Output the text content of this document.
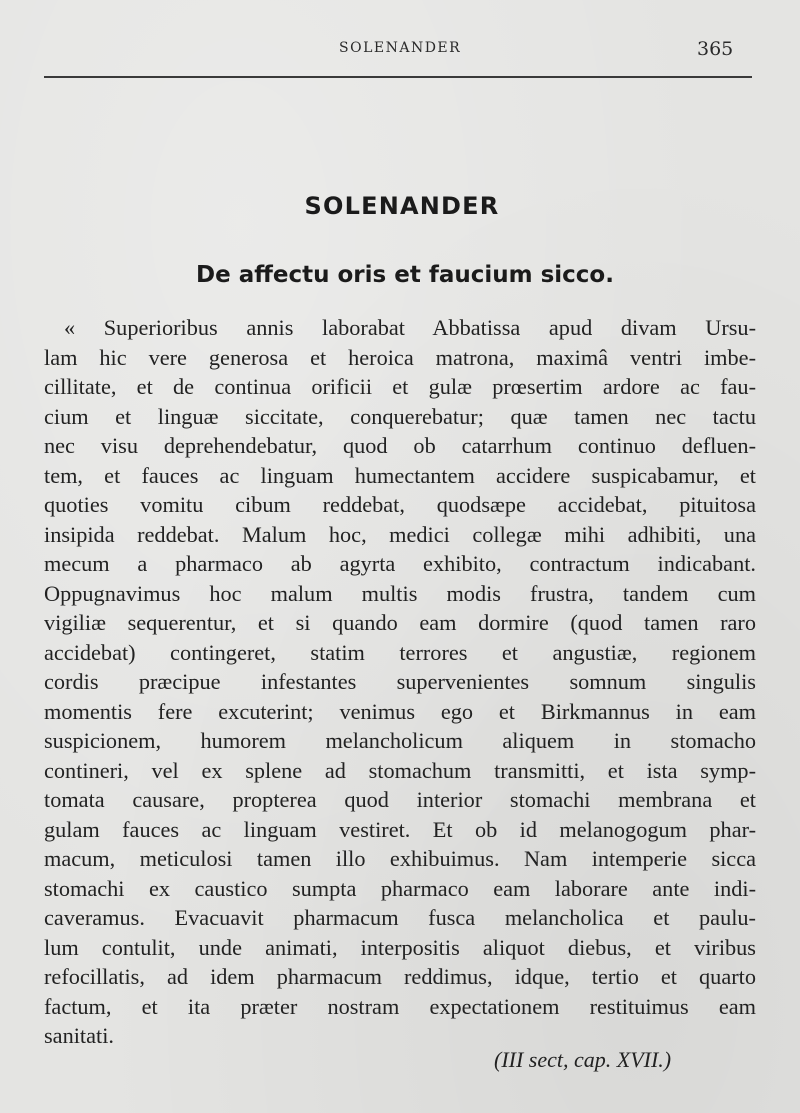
SOLENANDER	365
SOLENANDER
De affectu oris et faucium sicco.
« Superioribus annis laborabat Abbatissa apud divam Ursu-
lam hic vere generosa et heroica matrona, maximâ ventri imbe-
cillitate, et de continua orificii et gulæ prœsertim ardore ac fau-
cium et linguæ siccitate, conquerebatur; quæ tamen nec tactu
nec visu deprehendebatur, quod ob catarrhum continuo defluen-
tem, et fauces ac linguam humectantem accidere suspicabamur, et
quoties vomitu cibum reddebat, quodsæpe accidebat, pituitosa
insipida reddebat. Malum hoc, medici collegæ mihi adhibiti, una
mecum a pharmaco ab agyrta exhibito, contractum indicabant.
Oppugnavimus hoc malum multis modis frustra, tandem cum
vigiliæ sequerentur, et si quando eam dormire (quod tamen raro
accidebat) contingeret, statim terrores et angustiæ, regionem
cordis præcipue infestantes supervenientes somnum singulis
momentis fere excuterint; venimus ego et Birkmannus in eam
suspicionem, humorem melancholicum aliquem in stomacho
contineri, vel ex splene ad stomachum transmitti, et ista symp-
tomata causare, propterea quod interior stomachi membrana et
gulam fauces ac linguam vestiret. Et ob id melanogogum phar-
macum, meticulosi tamen illo exhibuimus. Nam intemperie sicca
stomachi ex caustico sumpta pharmaco eam laborare ante indi-
caveramus. Evacuavit pharmacum fusca melancholica et paulu-
lum contulit, unde animati, interpositis aliquot diebus, et viribus
refocillatis, ad idem pharmacum reddimus, idque, tertio et quarto
factum, et ita præter nostram expectationem restituimus eam
sanitati.
(III sect, cap. XVII.)
